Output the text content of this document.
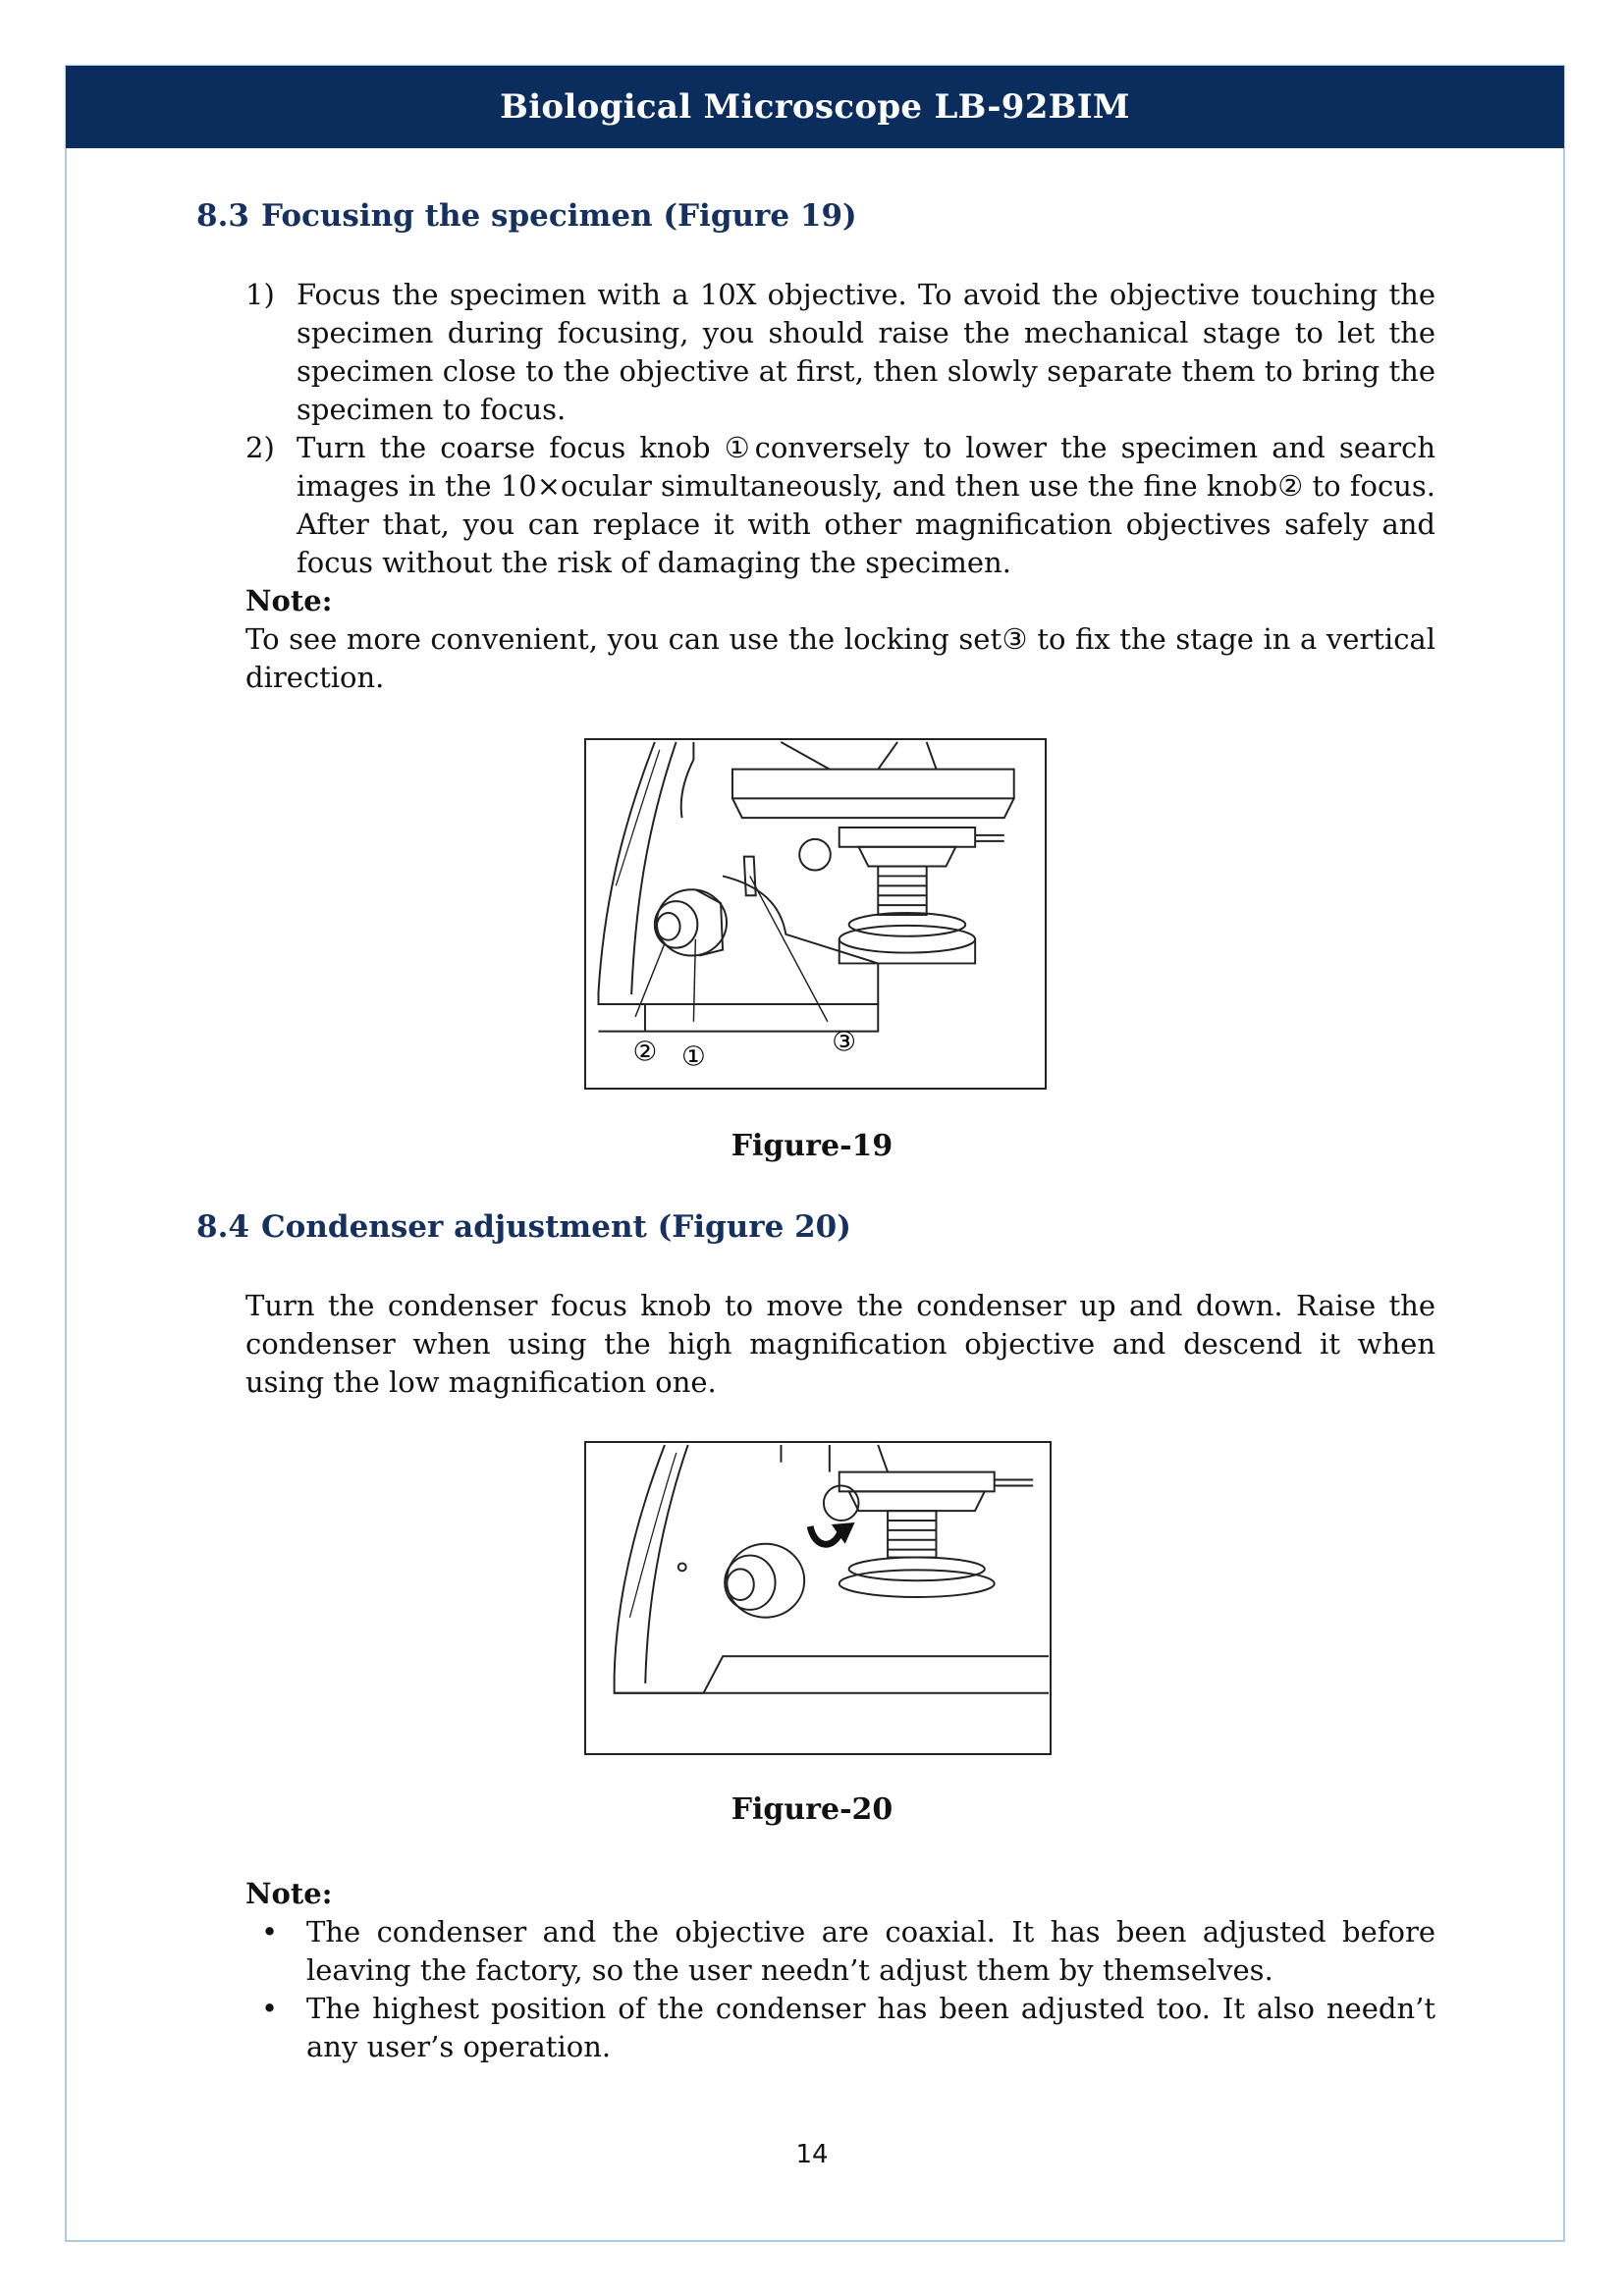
Biological Microscope LB-92BIM
8.3 Focusing the specimen (Figure 19)
1) Focus the specimen with a 10X objective. To avoid the objective touching the specimen during focusing, you should raise the mechanical stage to let the specimen close to the objective at first, then slowly separate them to bring the specimen to focus.
2) Turn the coarse focus knob ①conversely to lower the specimen and search images in the 10×ocular simultaneously, and then use the fine knob② to focus. After that, you can replace it with other magnification objectives safely and focus without the risk of damaging the specimen.
Note:
To see more convenient, you can use the locking set③ to fix the stage in a vertical direction.
② ①	③
Figure-19
8.4 Condenser adjustment (Figure 20)

Turn the condenser focus knob to move the condenser up and down. Raise the condenser when using the high magnification objective and descend it when using the low magnification one.

Figure-20
Note:
• The condenser and the objective are coaxial. It has been adjusted before leaving the factory, so the user needn’t adjust them by themselves.
• The highest position of the condenser has been adjusted too. It also needn’t any user’s operation.
14
